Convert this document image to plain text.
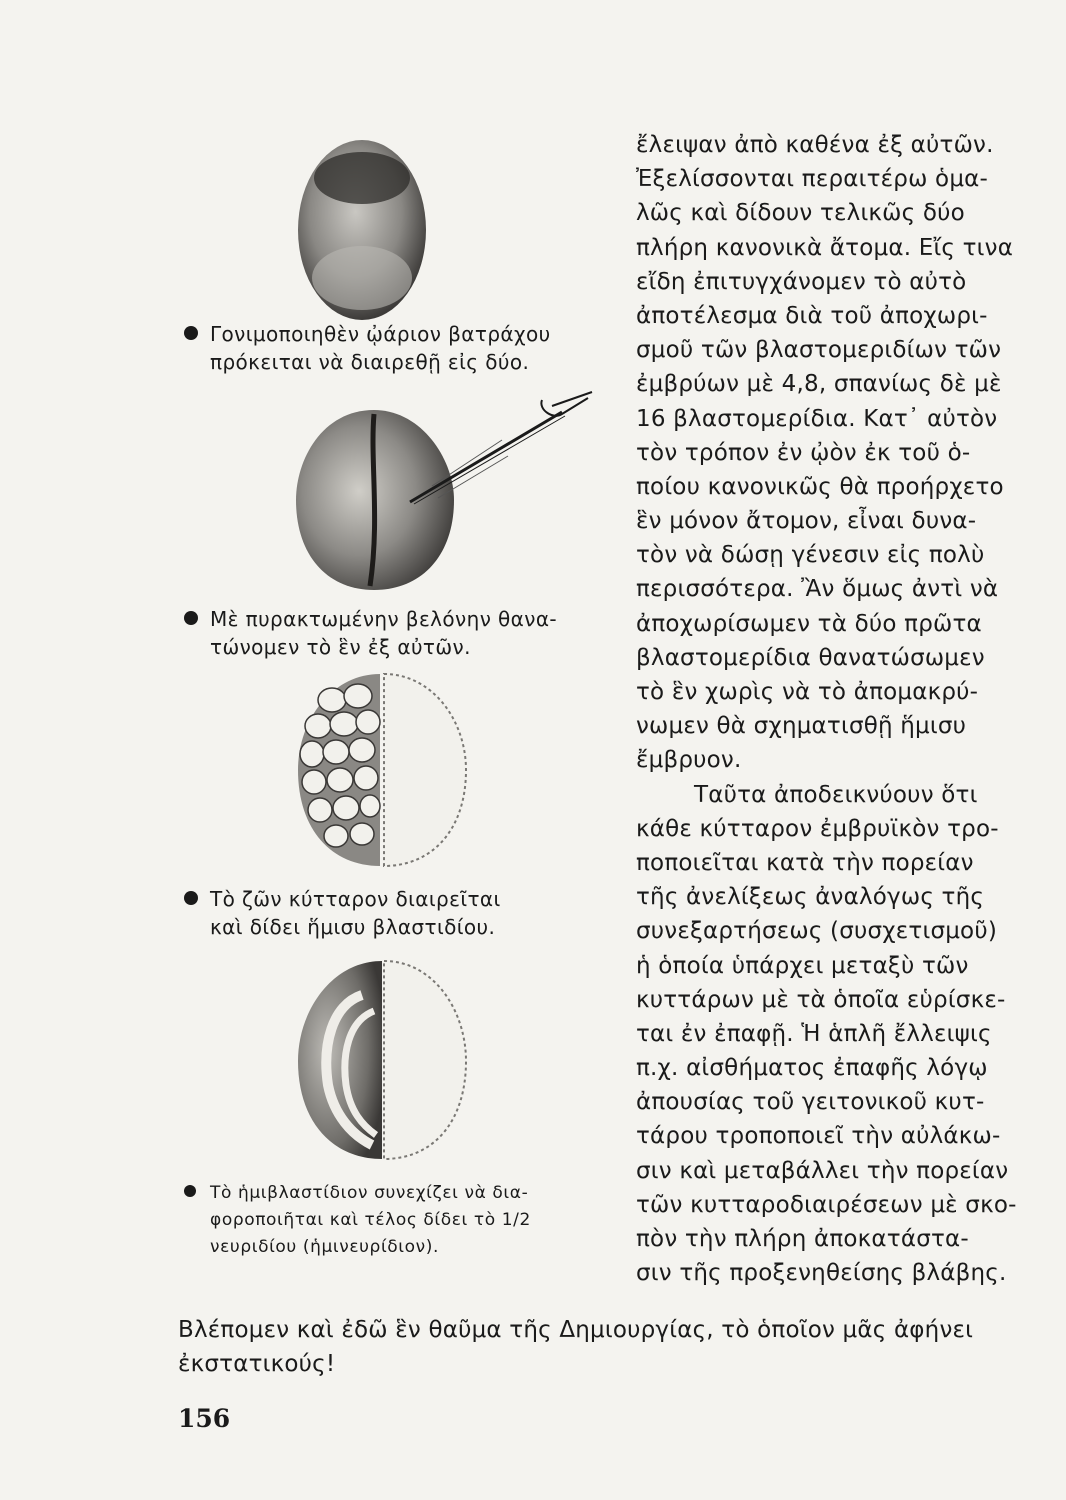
Γονιμοποιηθὲν ᾠάριον βατράχου
πρόκειται νὰ διαιρεθῇ εἰς δύο.
Μὲ πυρακτωμένην βελόνην θανα-
τώνομεν τὸ ἓν ἐξ αὐτῶν.
Τὸ ζῶν κύτταρον διαιρεῖται
καὶ δίδει ἥμισυ βλαστιδίου.
Τὸ ἡμιβλαστίδιον συνεχίζει νὰ δια-
φοροποιῆται καὶ τέλος δίδει τὸ 1/2
νευριδίου (ἡμινευρίδιον).
ἔλειψαν ἀπὸ καθένα ἐξ αὐτῶν.
Ἐξελίσσονται περαιτέρω ὁμα-
λῶς καὶ δίδουν τελικῶς δύο
πλήρη κανονικὰ ἄτομα. Εἴς τινα
εἴδη ἐπιτυγχάνομεν τὸ αὐτὸ
ἀποτέλεσμα διὰ τοῦ ἀποχωρι-
σμοῦ τῶν βλαστομεριδίων τῶν
ἐμβρύων μὲ 4,8, σπανίως δὲ μὲ
16 βλαστομερίδια. Κατ᾽ αὐτὸν
τὸν τρόπον ἐν ᾠὸν ἐκ τοῦ ὁ-
ποίου κανονικῶς θὰ προήρχετο
ἓν μόνον ἄτομον, εἶναι δυνα-
τὸν νὰ δώσῃ γένεσιν εἰς πολὺ
περισσότερα. Ἂν ὅμως ἀντὶ νὰ
ἀποχωρίσωμεν τὰ δύο πρῶτα
βλαστομερίδια θανατώσωμεν
τὸ ἓν χωρὶς νὰ τὸ ἀπομακρύ-
νωμεν θὰ σχηματισθῇ ἥμισυ
ἔμβρυον.
Ταῦτα ἀποδεικνύουν ὅτι
κάθε κύτταρον ἐμβρυϊκὸν τρο-
ποποιεῖται κατὰ τὴν πορείαν
τῆς ἀνελίξεως ἀναλόγως τῆς
συνεξαρτήσεως (συσχετισμοῦ)
ἡ ὁποία ὑπάρχει μεταξὺ τῶν
κυττάρων μὲ τὰ ὁποῖα εὑρίσκε-
ται ἐν ἐπαφῇ. Ἡ ἁπλῆ ἔλλειψις
π.χ. αἰσθήματος ἐπαφῆς λόγῳ
ἀπουσίας τοῦ γειτονικοῦ κυτ-
τάρου τροποποιεῖ τὴν αὐλάκω-
σιν καὶ μεταβάλλει τὴν πορείαν
τῶν κυτταροδιαιρέσεων μὲ σκο-
πὸν τὴν πλήρη ἀποκατάστα-
σιν τῆς προξενηθείσης βλάβης.
Βλέπομεν καὶ ἐδῶ ἓν θαῦμα τῆς Δημιουργίας, τὸ ὁποῖον μᾶς ἀφήνει
ἐκστατικούς!
156
